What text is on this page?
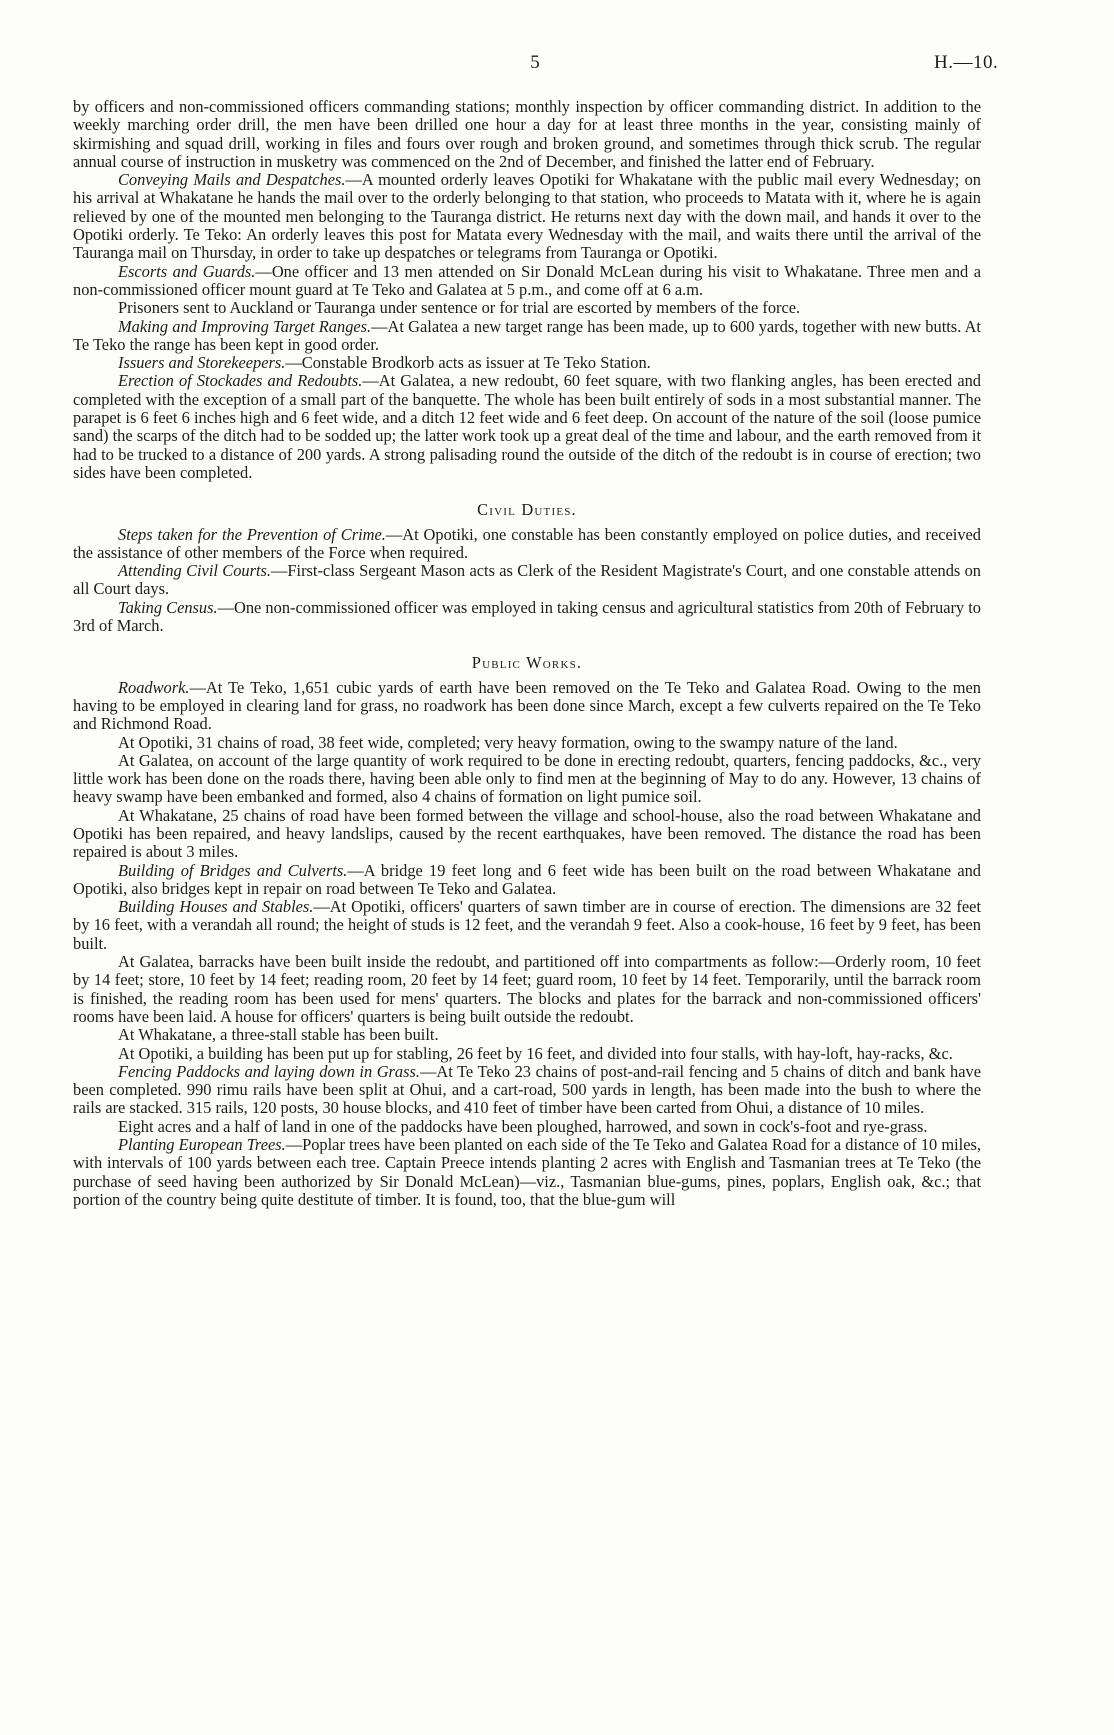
5	H.—10.

by officers and non-commissioned officers commanding stations; monthly inspection by officer commanding district. In addition to the weekly marching order drill, the men have been drilled one hour a day for at least three months in the year, consisting mainly of skirmishing and squad drill, working in files and fours over rough and broken ground, and sometimes through thick scrub. The regular annual course of instruction in musketry was commenced on the 2nd of December, and finished the latter end of February.

Conveying Mails and Despatches.—A mounted orderly leaves Opotiki for Whakatane with the public mail every Wednesday; on his arrival at Whakatane he hands the mail over to the orderly belonging to that station, who proceeds to Matata with it, where he is again relieved by one of the mounted men belonging to the Tauranga district. He returns next day with the down mail, and hands it over to the Opotiki orderly. Te Teko: An orderly leaves this post for Matata every Wednesday with the mail, and waits there until the arrival of the Tauranga mail on Thursday, in order to take up despatches or telegrams from Tauranga or Opotiki.

Escorts and Guards.—One officer and 13 men attended on Sir Donald McLean during his visit to Whakatane. Three men and a non-commissioned officer mount guard at Te Teko and Galatea at 5 p.m., and come off at 6 a.m.

Prisoners sent to Auckland or Tauranga under sentence or for trial are escorted by members of the force.

Making and Improving Target Ranges.—At Galatea a new target range has been made, up to 600 yards, together with new butts. At Te Teko the range has been kept in good order.

Issuers and Storekeepers.—Constable Brodkorb acts as issuer at Te Teko Station.

Erection of Stockades and Redoubts.—At Galatea, a new redoubt, 60 feet square, with two flanking angles, has been erected and completed with the exception of a small part of the banquette. The whole has been built entirely of sods in a most substantial manner. The parapet is 6 feet 6 inches high and 6 feet wide, and a ditch 12 feet wide and 6 feet deep. On account of the nature of the soil (loose pumice sand) the scarps of the ditch had to be sodded up; the latter work took up a great deal of the time and labour, and the earth removed from it had to be trucked to a distance of 200 yards. A strong palisading round the outside of the ditch of the redoubt is in course of erection; two sides have been completed.

Civil Duties.

Steps taken for the Prevention of Crime.—At Opotiki, one constable has been constantly employed on police duties, and received the assistance of other members of the Force when required.

Attending Civil Courts.—First-class Sergeant Mason acts as Clerk of the Resident Magistrate's Court, and one constable attends on all Court days.

Taking Census.—One non-commissioned officer was employed in taking census and agricultural statistics from 20th of February to 3rd of March.

Public Works.

Roadwork.—At Te Teko, 1,651 cubic yards of earth have been removed on the Te Teko and Galatea Road. Owing to the men having to be employed in clearing land for grass, no roadwork has been done since March, except a few culverts repaired on the Te Teko and Richmond Road.

At Opotiki, 31 chains of road, 38 feet wide, completed; very heavy formation, owing to the swampy nature of the land.

At Galatea, on account of the large quantity of work required to be done in erecting redoubt, quarters, fencing paddocks, &c., very little work has been done on the roads there, having been able only to find men at the beginning of May to do any. However, 13 chains of heavy swamp have been embanked and formed, also 4 chains of formation on light pumice soil.

At Whakatane, 25 chains of road have been formed between the village and school-house, also the road between Whakatane and Opotiki has been repaired, and heavy landslips, caused by the recent earthquakes, have been removed. The distance the road has been repaired is about 3 miles.

Building of Bridges and Culverts.—A bridge 19 feet long and 6 feet wide has been built on the road between Whakatane and Opotiki, also bridges kept in repair on road between Te Teko and Galatea.

Building Houses and Stables.—At Opotiki, officers' quarters of sawn timber are in course of erection. The dimensions are 32 feet by 16 feet, with a verandah all round; the height of studs is 12 feet, and the verandah 9 feet. Also a cook-house, 16 feet by 9 feet, has been built.

At Galatea, barracks have been built inside the redoubt, and partitioned off into compartments as follow:—Orderly room, 10 feet by 14 feet; store, 10 feet by 14 feet; reading room, 20 feet by 14 feet; guard room, 10 feet by 14 feet. Temporarily, until the barrack room is finished, the reading room has been used for mens' quarters. The blocks and plates for the barrack and non-commissioned officers' rooms have been laid. A house for officers' quarters is being built outside the redoubt.

At Whakatane, a three-stall stable has been built.

At Opotiki, a building has been put up for stabling, 26 feet by 16 feet, and divided into four stalls, with hay-loft, hay-racks, &c.

Fencing Paddocks and laying down in Grass.—At Te Teko 23 chains of post-and-rail fencing and 5 chains of ditch and bank have been completed. 990 rimu rails have been split at Ohui, and a cart-road, 500 yards in length, has been made into the bush to where the rails are stacked. 315 rails, 120 posts, 30 house blocks, and 410 feet of timber have been carted from Ohui, a distance of 10 miles.

Eight acres and a half of land in one of the paddocks have been ploughed, harrowed, and sown in cock's-foot and rye-grass.

Planting European Trees.—Poplar trees have been planted on each side of the Te Teko and Galatea Road for a distance of 10 miles, with intervals of 100 yards between each tree. Captain Preece intends planting 2 acres with English and Tasmanian trees at Te Teko (the purchase of seed having been authorized by Sir Donald McLean)—viz., Tasmanian blue-gums, pines, poplars, English oak, &c.; that portion of the country being quite destitute of timber. It is found, too, that the blue-gum will
